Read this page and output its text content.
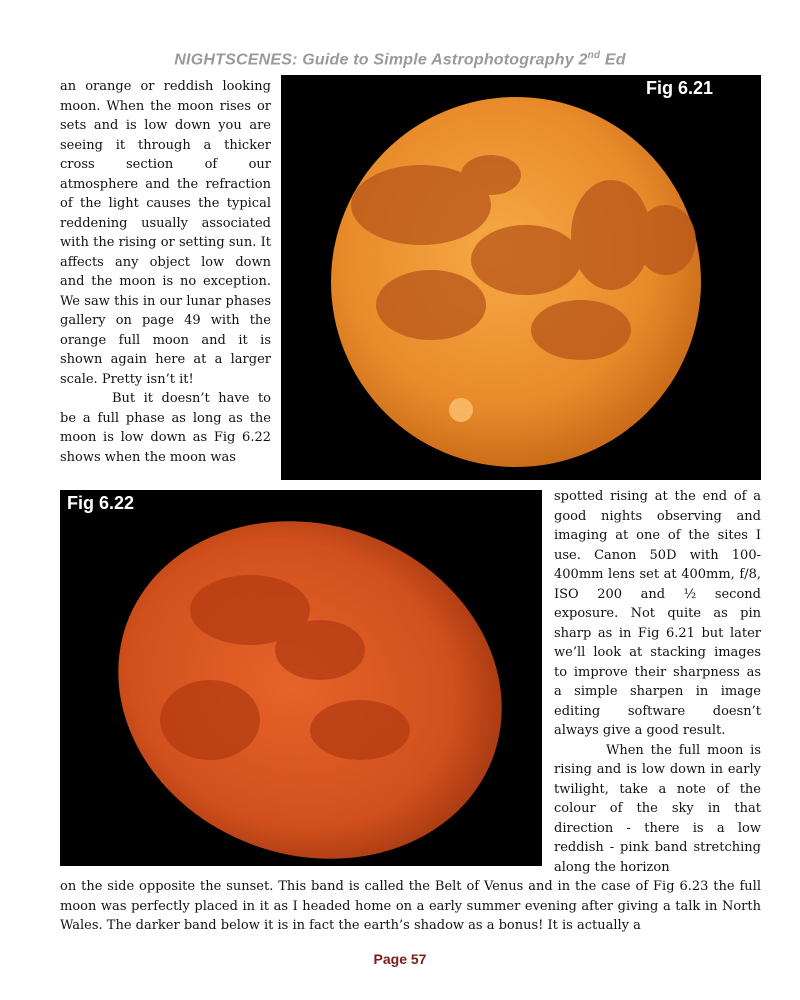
NIGHTSCENES: Guide to Simple Astrophotography 2nd Ed

an orange or reddish looking moon. When the moon rises or sets and is low down you are seeing it through a thicker cross section of our atmosphere and the refraction of the light causes the typical reddening usually associated with the rising or setting sun. It affects any object low down and the moon is no exception. We saw this in our lunar phases gallery on page 49 with the orange full moon and it is shown again here at a larger scale. Pretty isn’t it!

But it doesn’t have to be a full phase as long as the moon is low down as Fig 6.22 shows when the moon was

Fig 6.21
Fig 6.22	spotted rising at the end of a good nights observing and imaging at one of the sites I use. Canon 50D with 100-400mm lens set at 400mm, f/8, ISO 200 and ½ second exposure. Not quite as pin sharp as in Fig 6.21 but later we’ll look at stacking images to improve their sharpness as a simple sharpen in image editing software doesn’t always give a good result.

When the full moon is rising and is low down in early twilight, take a note of the colour of the sky in that direction - there is a low reddish - pink band stretching along the horizon

on the side opposite the sunset. This band is called the Belt of Venus and in the case of Fig 6.23 the full moon was perfectly placed in it as I headed home on a early summer evening after giving a talk in North Wales. The darker band below it is in fact the earth’s shadow as a bonus! It is actually a

Page 57
